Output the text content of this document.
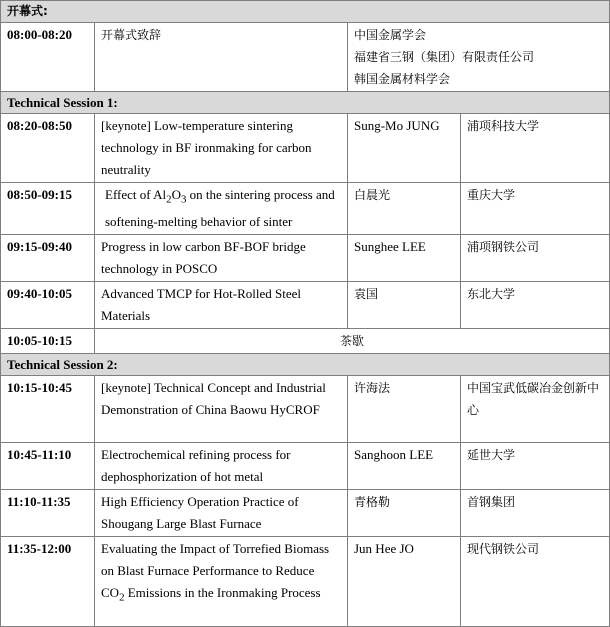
开幕式:			
08:00-08:20	开幕式致辞	中国金属学会
福建省三钢（集团）有限责任公司
韩国金属材料学会	

Technical Session 1:			
08:20-08:50	[keynote] Low-temperature sintering technology in BF ironmaking for carbon neutrality	Sung-Mo JUNG	浦项科技大学
08:50-09:15	Effect of $Al_2O_3$ on the sintering process and softening-melting behavior of sinter	白晨光	重庆大学
09:15-09:40	Progress in low carbon BF-BOF bridge technology in POSCO	Sunghee LEE	浦项钢铁公司
09:40-10:05	Advanced TMCP for Hot-Rolled Steel Materials	袁国	东北大学
10:05-10:15	茶歇		
Technical Session 2:			
10:15-10:45	[keynote] Technical Concept and Industrial Demonstration of China Baowu HyCROF	许海法	中国宝武低碳冶金创新中心
10:45-11:10	Electrochemical refining process for dephosphorization of hot metal	Sanghoon LEE	延世大学
11:10-11:35	High Efficiency Operation Practice of Shougang Large Blast Furnace	青格勒	首钢集团
11:35-12:00	Evaluating the Impact of Torrefied Biomass on Blast Furnace Performance to Reduce $CO_2$ Emissions in the Ironmaking Process	Jun Hee JO	现代钢铁公司
